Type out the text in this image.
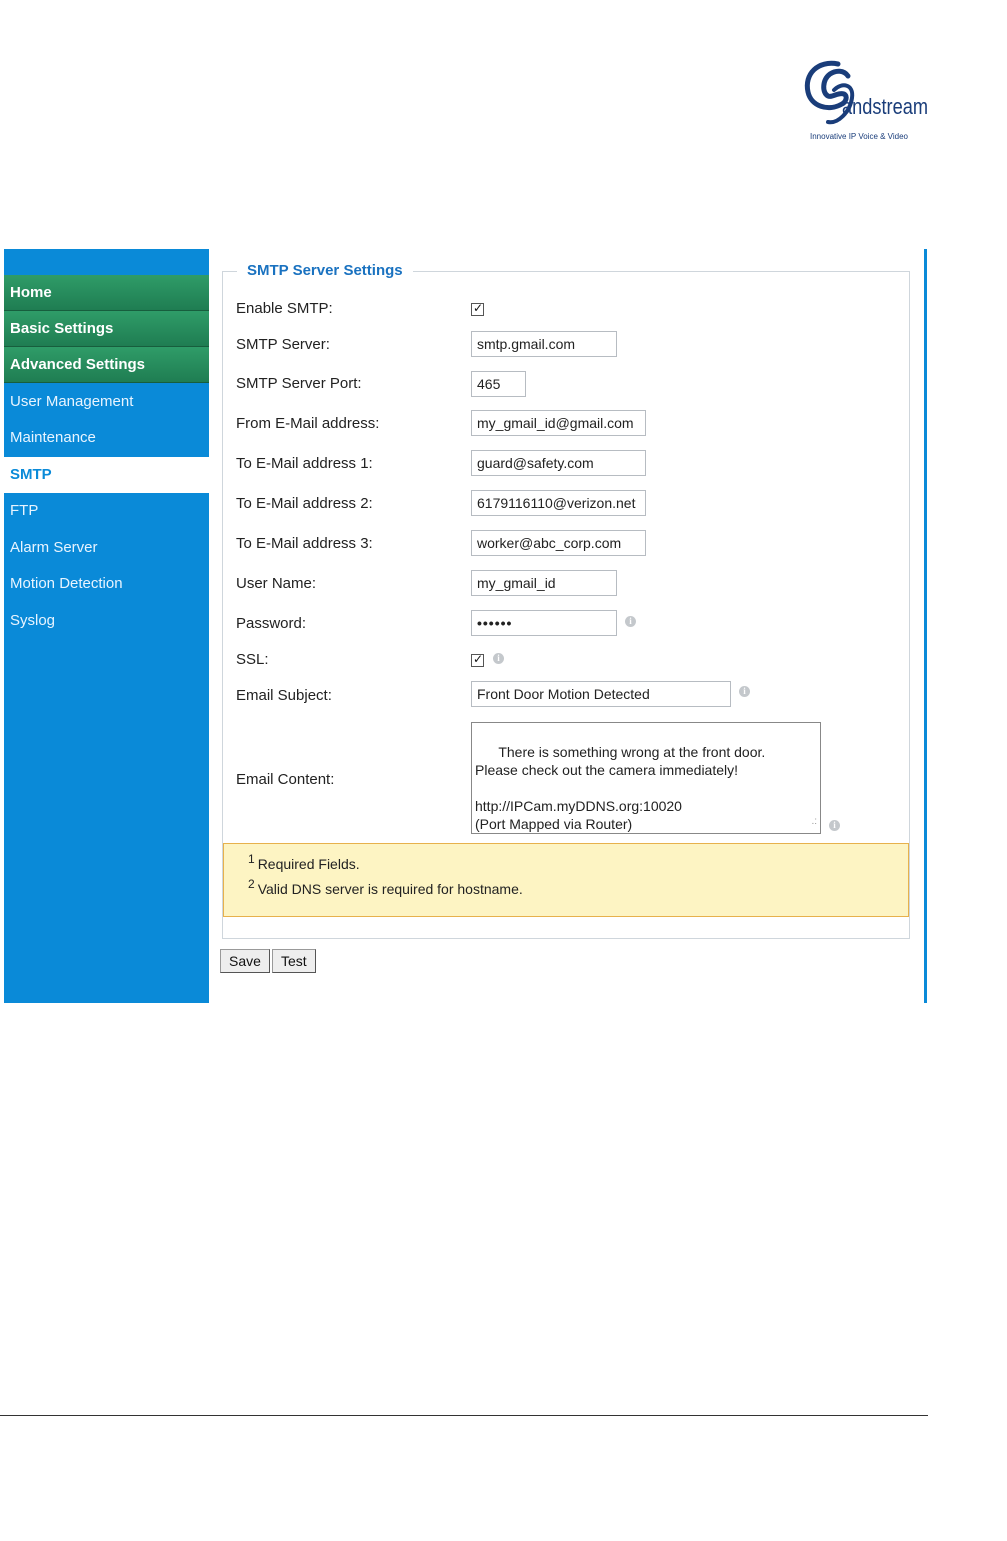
andstream
Innovative IP Voice & Video
Home
Basic Settings
Advanced Settings
User Management
Maintenance
SMTP
FTP
Alarm Server
Motion Detection
Syslog
SMTP Server Settings
Enable SMTP:	✓
SMTP Server:	smtp.gmail.com
SMTP Server Port:	465
From E-Mail address:	my_gmail_id@gmail.com
To E-Mail address 1:	guard@safety.com
To E-Mail address 2:	6179116110@verizon.net
To E-Mail address 3:	worker@abc_corp.com
User Name:	my_gmail_id
Password:	••••••	i
SSL:	✓	i
Email Subject:	Front Door Motion Detected	i
Email Content:

There is something wrong at the front door.
Please check out the camera immediately!

http://IPCam.myDDNS.org:10020
(Port Mapped via Router)
	.:

	i
$^1$ Required Fields.
$^2$ Valid DNS server is required for hostname.
Save	Test
